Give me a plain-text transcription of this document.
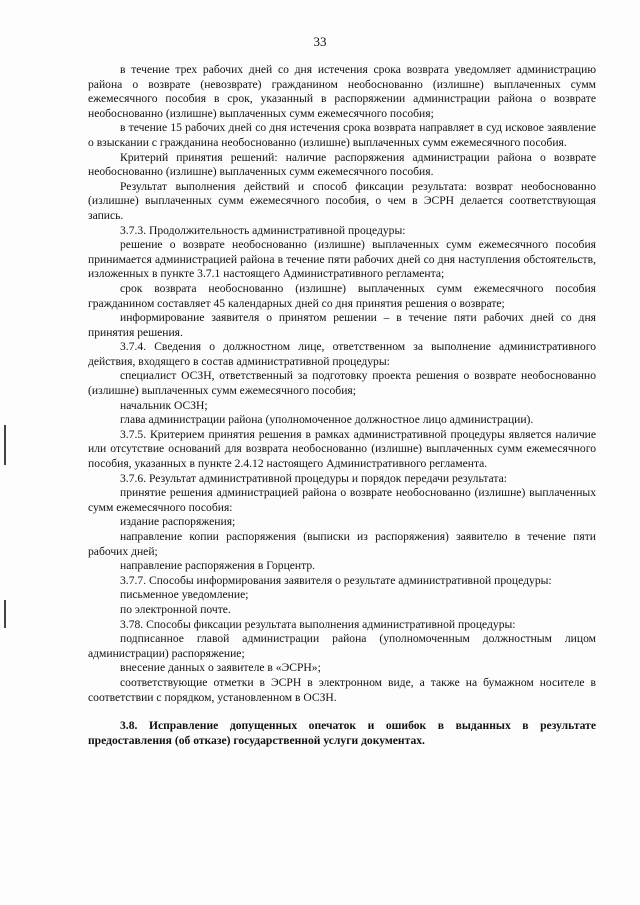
33

в течение трех рабочих дней со дня истечения срока возврата уведомляет администрацию района о возврате (невозврате) гражданином необоснованно (излишне) выплаченных сумм ежемесячного пособия в срок, указанный в распоряжении администрации района о возврате необоснованно (излишне) выплаченных сумм ежемесячного пособия;

в течение 15 рабочих дней со дня истечения срока возврата направляет в суд исковое заявление о взыскании с гражданина необоснованно (излишне) выплаченных сумм ежемесячного пособия.

Критерий принятия решений: наличие распоряжения администрации района о возврате необоснованно (излишне) выплаченных сумм ежемесячного пособия.

Результат выполнения действий и способ фиксации результата: возврат необоснованно (излишне) выплаченных сумм ежемесячного пособия, о чем в ЭСРН делается соответствующая запись.

3.7.3. Продолжительность административной процедуры:

решение о возврате необоснованно (излишне) выплаченных сумм ежемесячного пособия принимается администрацией района в течение пяти рабочих дней со дня наступления обстоятельств, изложенных в пункте 3.7.1 настоящего Административного регламента;

срок возврата необоснованно (излишне) выплаченных сумм ежемесячного пособия гражданином составляет 45 календарных дней со дня принятия решения о возврате;

информирование заявителя о принятом решении – в течение пяти рабочих дней со дня принятия решения.

3.7.4. Сведения о должностном лице, ответственном за выполнение административного действия, входящего в состав административной процедуры:

специалист ОСЗН, ответственный за подготовку проекта решения о возврате необоснованно (излишне) выплаченных сумм ежемесячного пособия;

начальник ОСЗН;

глава администрации района (уполномоченное должностное лицо администрации).

3.7.5. Критерием принятия решения в рамках административной процедуры является наличие или отсутствие оснований для возврата необоснованно (излишне) выплаченных сумм ежемесячного пособия, указанных в пункте 2.4.12 настоящего Административного регламента.

3.7.6. Результат административной процедуры и порядок передачи результата:

принятие решения администрацией района о возврате необоснованно (излишне) выплаченных сумм ежемесячного пособия:

издание распоряжения;

направление копии распоряжения (выписки из распоряжения) заявителю в течение пяти рабочих дней;

направление распоряжения в Горцентр.

3.7.7. Способы информирования заявителя о результате административной процедуры:

письменное уведомление;

по электронной почте.

3.78. Способы фиксации результата выполнения административной процедуры:

подписанное главой администрации района (уполномоченным должностным лицом администрации) распоряжение;

внесение данных о заявителе в «ЭСРН»;

соответствующие отметки в ЭСРН в электронном виде, а также на бумажном носителе в соответствии с порядком, установленном в ОСЗН.

3.8. Исправление допущенных опечаток и ошибок в выданных в результате предоставления (об отказе) государственной услуги документах.
